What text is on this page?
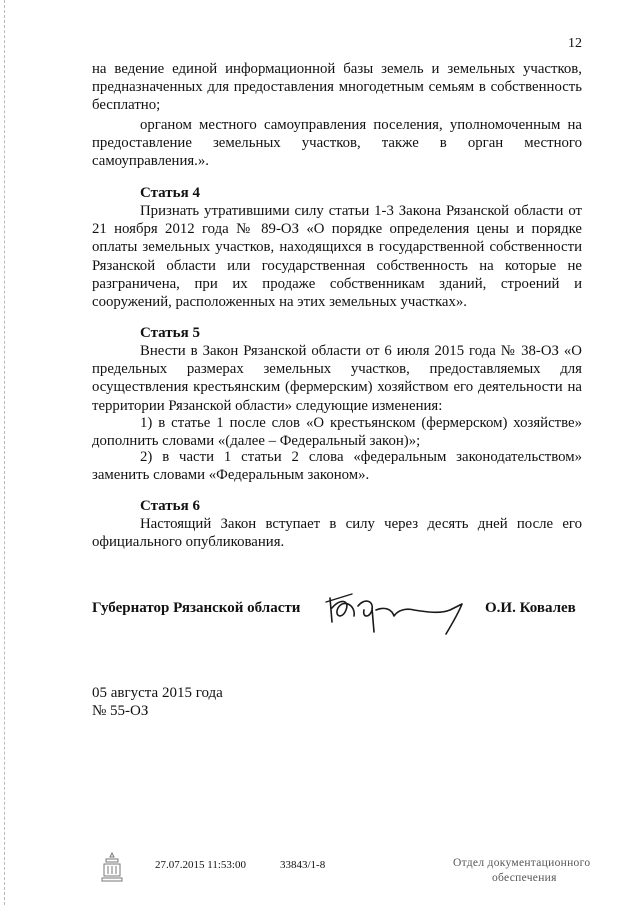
12
на ведение единой информационной базы земель и земельных участков, предназначенных для предоставления многодетным семьям в собственность бесплатно;
органом местного самоуправления поселения, уполномоченным на предоставление земельных участков, также в орган местного самоуправления.».
Статья 4
Признать утратившими силу статьи 1-3 Закона Рязанской области от 21 ноября 2012 года № 89-ОЗ «О порядке определения цены и порядке оплаты земельных участков, находящихся в государственной собственности Рязанской области или государственная собственность на которые не разграничена, при их продаже собственникам зданий, строений и сооружений, расположенных на этих земельных участках».
Статья 5
Внести в Закон Рязанской области от 6 июля 2015 года № 38-ОЗ «О предельных размерах земельных участков, предоставляемых для осуществления крестьянским (фермерским) хозяйством его деятельности на территории Рязанской области» следующие изменения:
1) в статье 1 после слов «О крестьянском (фермерском) хозяйстве» дополнить словами «(далее – Федеральный закон)»;
2) в части 1 статьи 2 слова «федеральным законодательством» заменить словами «Федеральным законом».
Статья 6
Настоящий Закон вступает в силу через десять дней после его официального опубликования.
Губернатор Рязанской области	О.И. Ковалев
05 августа 2015 года
№ 55-ОЗ
27.07.2015 11:53:00	33843/1-8	Отдел документационного
обеспечения
